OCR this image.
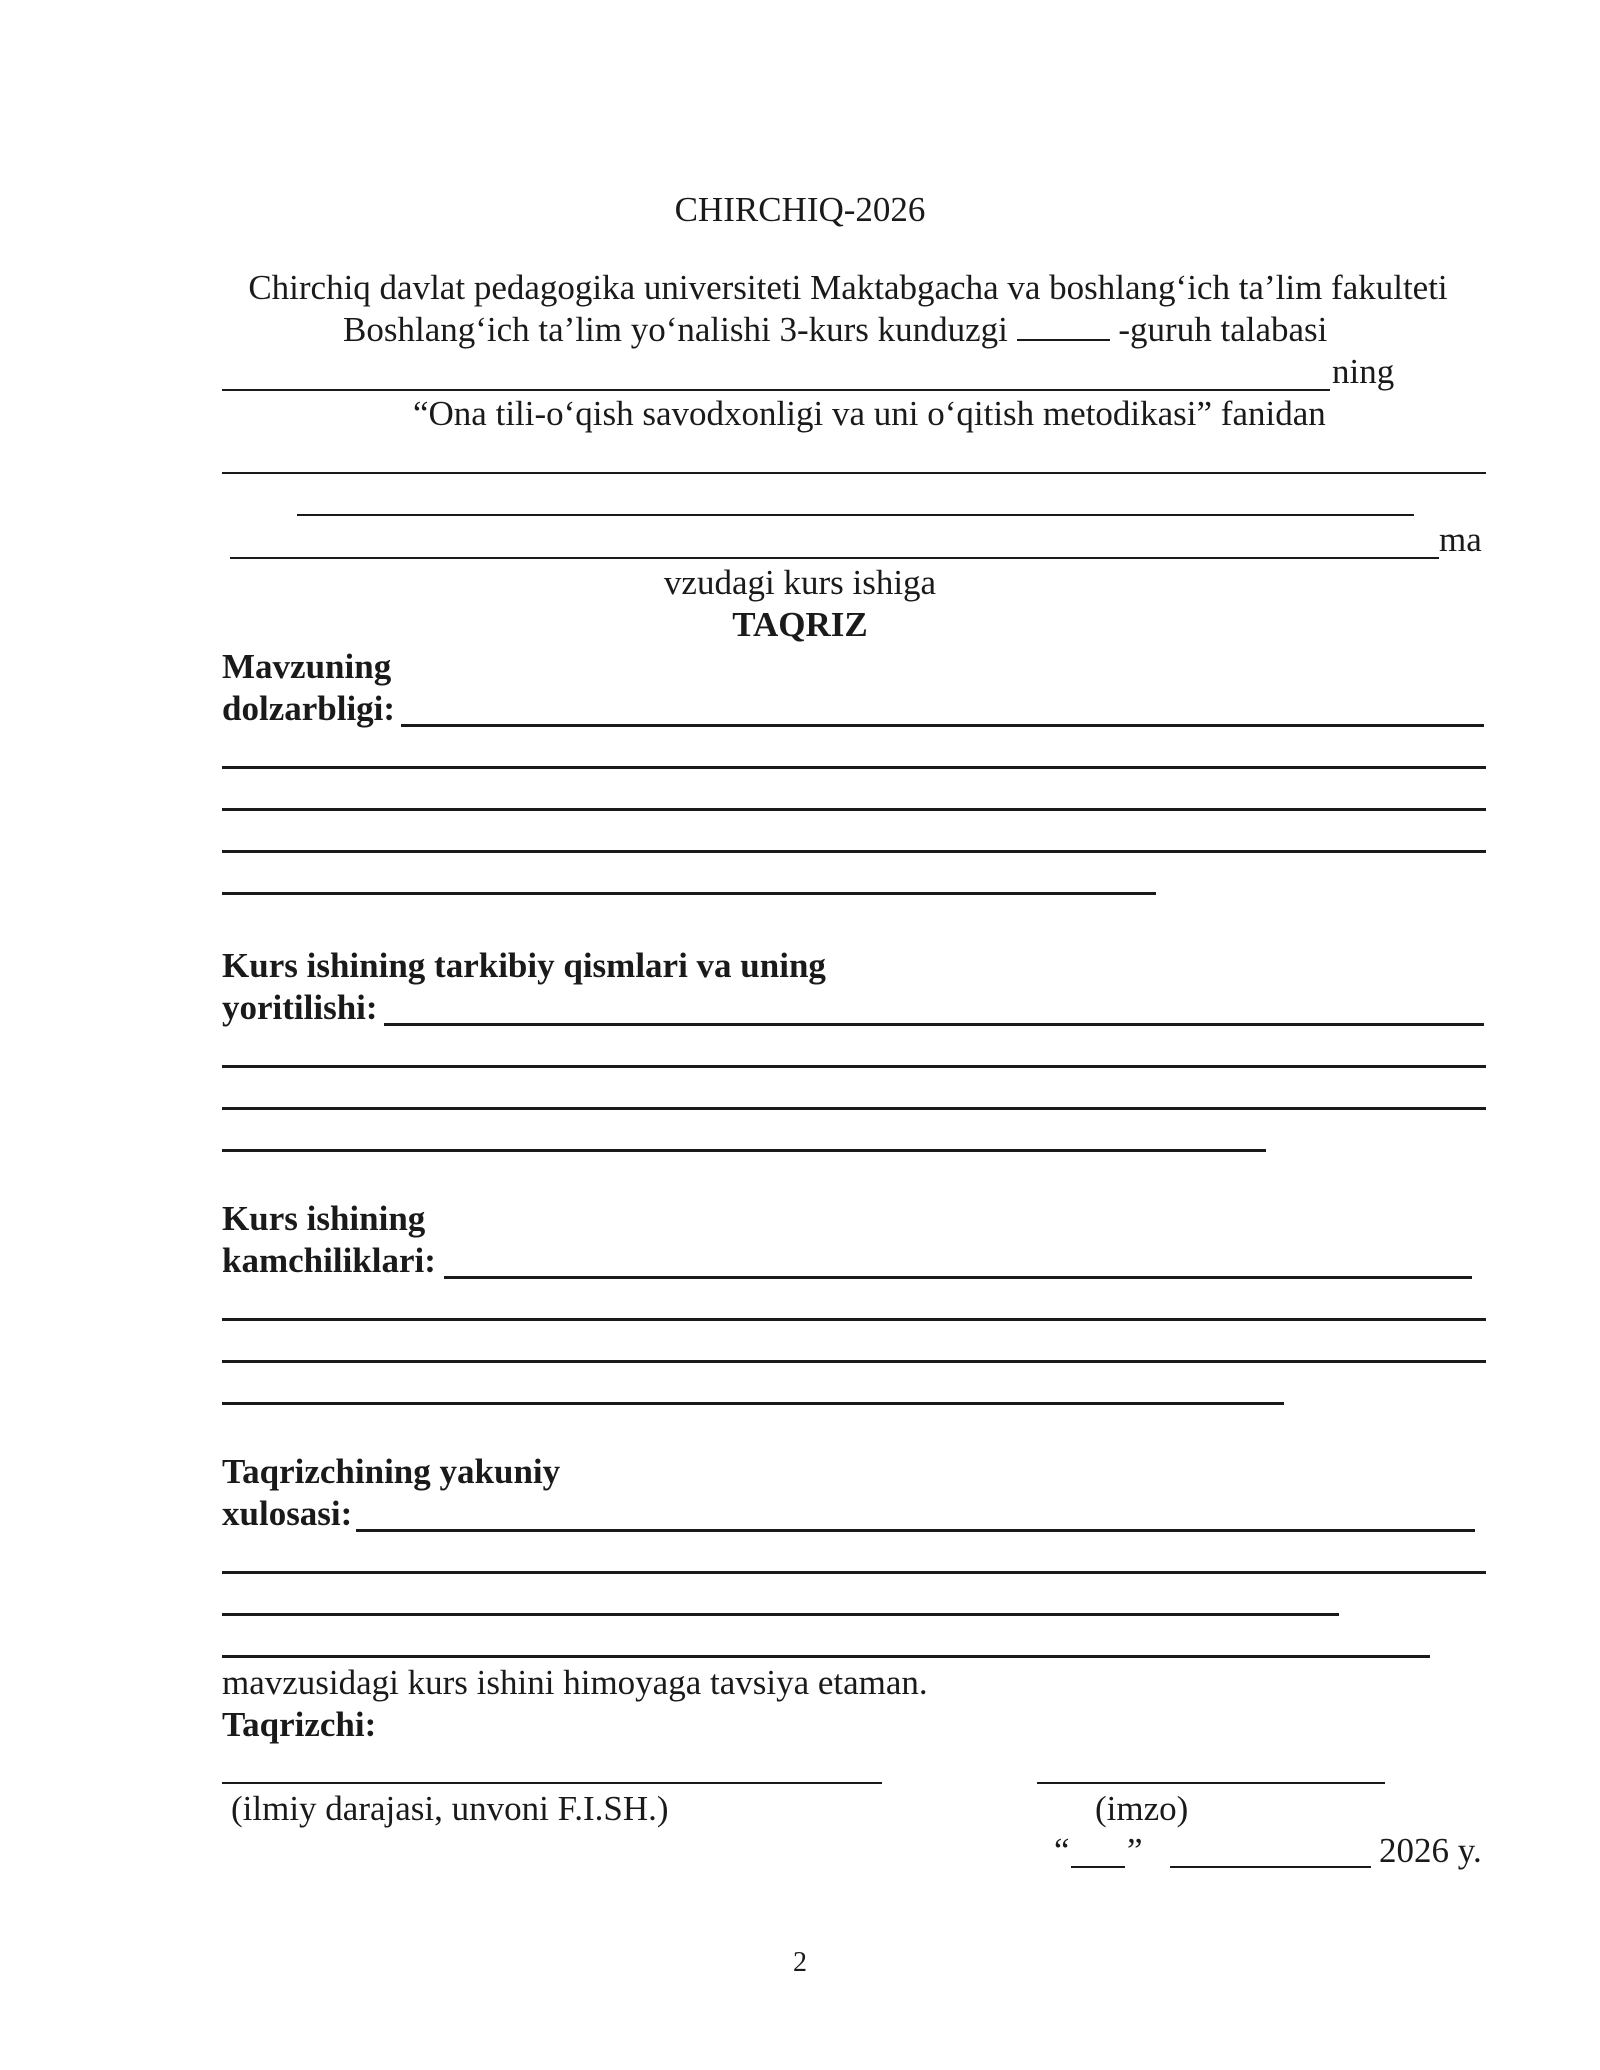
CHIRCHIQ-2026
Chirchiq davlat pedagogika universiteti Maktabgacha va boshlang‘ich ta’lim fakulteti
Boshlang‘ich ta’lim yo‘nalishi 3-kurs kunduzgi	-guruh talabasi
ning
“Ona tili-o‘qish savodxonligi va uni o‘qitish metodikasi” fanidan
ma
vzudagi kurs ishiga
TAQRIZ
Mavzuning
dolzarbligi:
Kurs ishining tarkibiy qismlari va uning
yoritilishi:
Kurs ishining
kamchiliklari:
Taqrizchining yakuniy
xulosasi:
mavzusidagi kurs ishini himoyaga tavsiya etaman.
Taqrizchi:
(ilmiy darajasi, unvoni F.I.SH.)	(imzo)
“ ”	2026 y.
2
